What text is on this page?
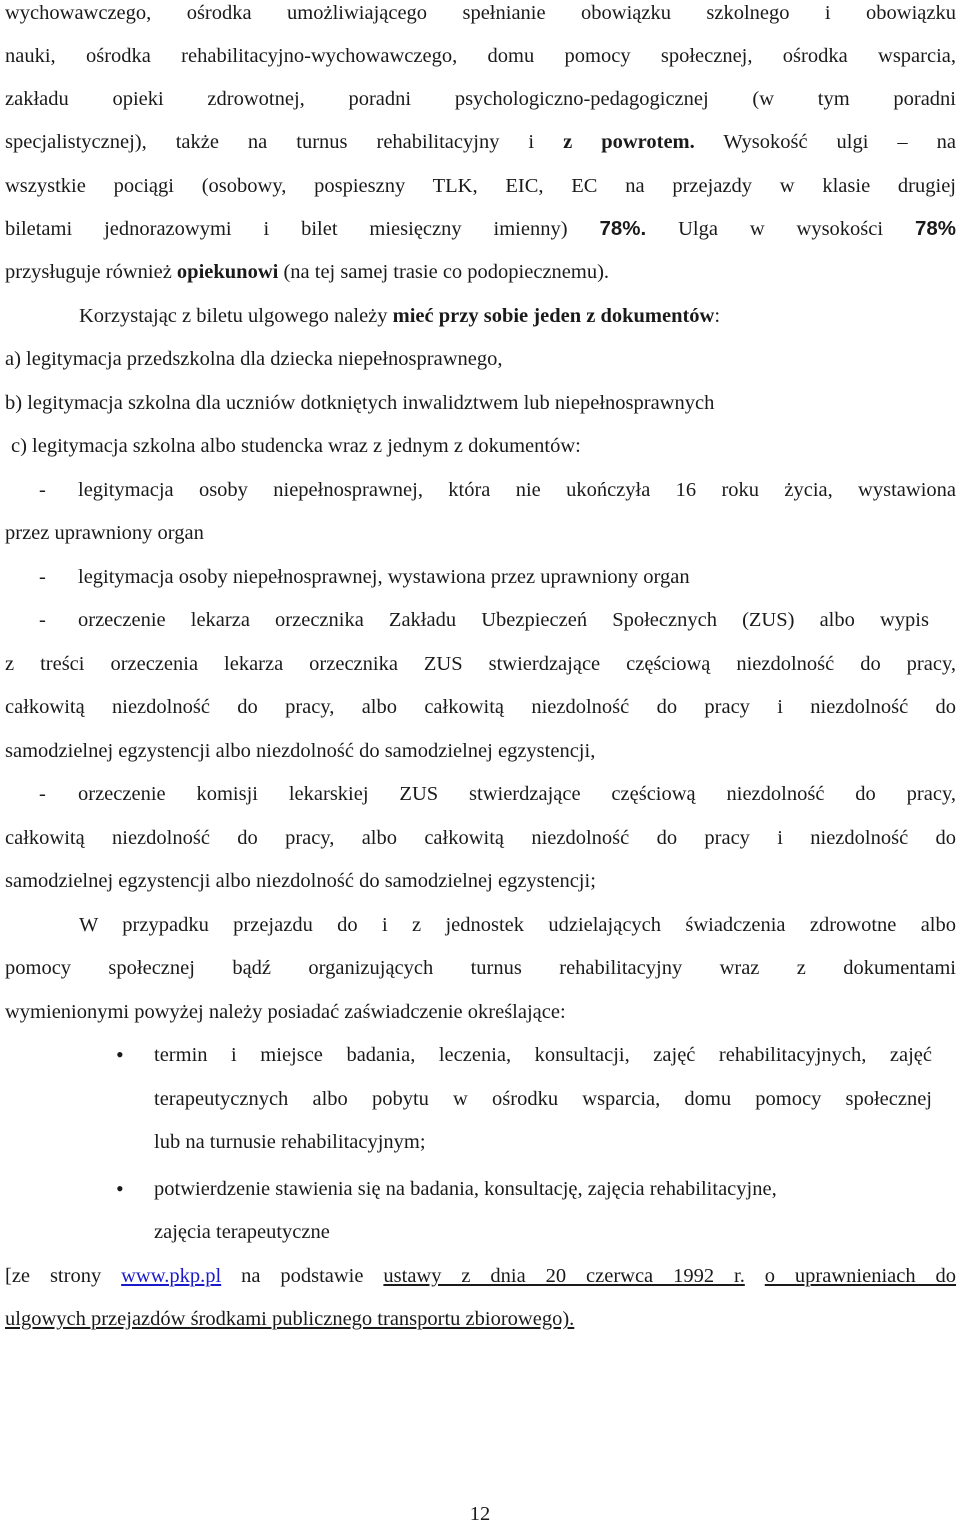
wychowawczego, ośrodka umożliwiającego spełnianie obowiązku szkolnego i obowiązku
nauki, ośrodka rehabilitacyjno-wychowawczego, domu pomocy społecznej, ośrodka wsparcia,
zakładu opieki zdrowotnej, poradni psychologiczno-pedagogicznej (w tym poradni
specjalistycznej), także na turnus rehabilitacyjny i z powrotem. Wysokość ulgi – na
wszystkie pociągi (osobowy, pospieszny TLK, EIC, EC na przejazdy w klasie drugiej
biletami jednorazowymi i bilet miesięczny imienny) 78%. Ulga w wysokości 78%
przysługuje również opiekunowi (na tej samej trasie co podopiecznemu).
Korzystając z biletu ulgowego należy mieć przy sobie jeden z dokumentów:
a) legitymacja przedszkolna dla dziecka niepełnosprawnego,
b) legitymacja szkolna dla uczniów dotkniętych inwalidztwem lub niepełnosprawnych
c) legitymacja szkolna albo studencka wraz z jednym z dokumentów:
- legitymacja osoby niepełnosprawnej, która nie ukończyła 16 roku życia, wystawiona
przez uprawniony organ
- legitymacja osoby niepełnosprawnej, wystawiona przez uprawniony organ
- orzeczenie lekarza orzecznika Zakładu Ubezpieczeń Społecznych (ZUS) albo wypis
z treści orzeczenia lekarza orzecznika ZUS stwierdzające częściową niezdolność do pracy,
całkowitą niezdolność do pracy, albo całkowitą niezdolność do pracy i niezdolność do
samodzielnej egzystencji albo niezdolność do samodzielnej egzystencji,
- orzeczenie komisji lekarskiej ZUS stwierdzające częściową niezdolność do pracy,
całkowitą niezdolność do pracy, albo całkowitą niezdolność do pracy i niezdolność do
samodzielnej egzystencji albo niezdolność do samodzielnej egzystencji;
W przypadku przejazdu do i z jednostek udzielających świadczenia zdrowotne albo
pomocy społecznej bądź organizujących turnus rehabilitacyjny wraz z dokumentami
wymienionymi powyżej należy posiadać zaświadczenie określające:
• termin i miejsce badania, leczenia, konsultacji, zajęć rehabilitacyjnych, zajęć
terapeutycznych albo pobytu w ośrodku wsparcia, domu pomocy społecznej
lub na turnusie rehabilitacyjnym;
• potwierdzenie stawienia się na badania, konsultację, zajęcia rehabilitacyjne,
zajęcia terapeutyczne
[ze strony www.pkp.pl na podstawie ustawy z dnia 20 czerwca 1992 r. o uprawnieniach do
ulgowych przejazdów środkami publicznego transportu zbiorowego).
12
